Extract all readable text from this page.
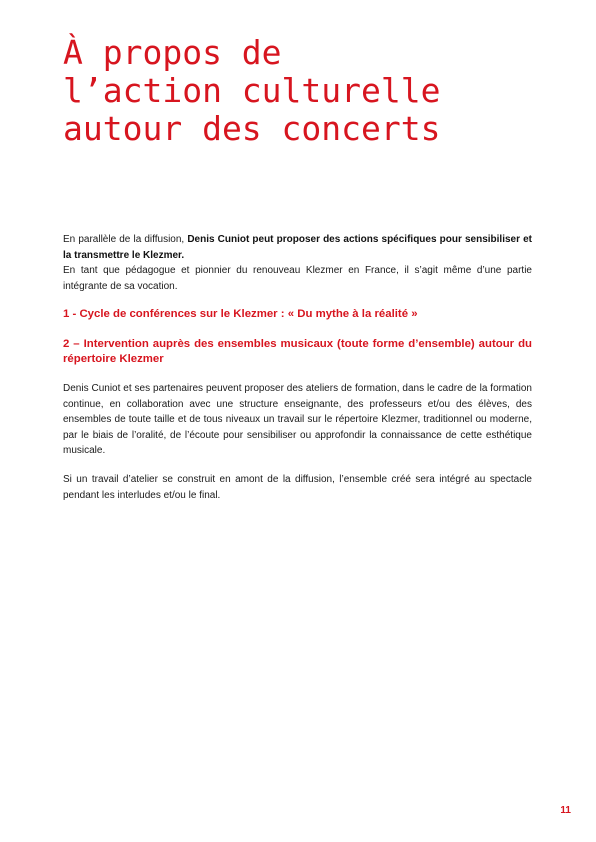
À propos de
l’action culturelle
autour des concerts

En parallèle de la diffusion, Denis Cuniot peut proposer des actions spécifiques pour sensibiliser et la transmettre le Klezmer.
En tant que pédagogue et pionnier du renouveau Klezmer en France, il s’agit même d’une partie intégrante de sa vocation.

1 - Cycle de conférences sur le Klezmer : « Du mythe à la réalité »

2 – Intervention auprès des ensembles musicaux (toute forme d’ensemble) autour du répertoire Klezmer

Denis Cuniot et ses partenaires peuvent proposer des ateliers de formation, dans le cadre de la formation continue, en collaboration avec une structure enseignante, des professeurs et/ou des élèves, des ensembles de toute taille et de tous niveaux un travail sur le répertoire Klezmer, traditionnel ou moderne, par le biais de l’oralité, de l’écoute pour sensibiliser ou approfondir la connaissance de cette esthétique musicale.

Si un travail d’atelier se construit en amont de la diffusion, l’ensemble créé sera intégré au spectacle pendant les interludes et/ou le final.

11
